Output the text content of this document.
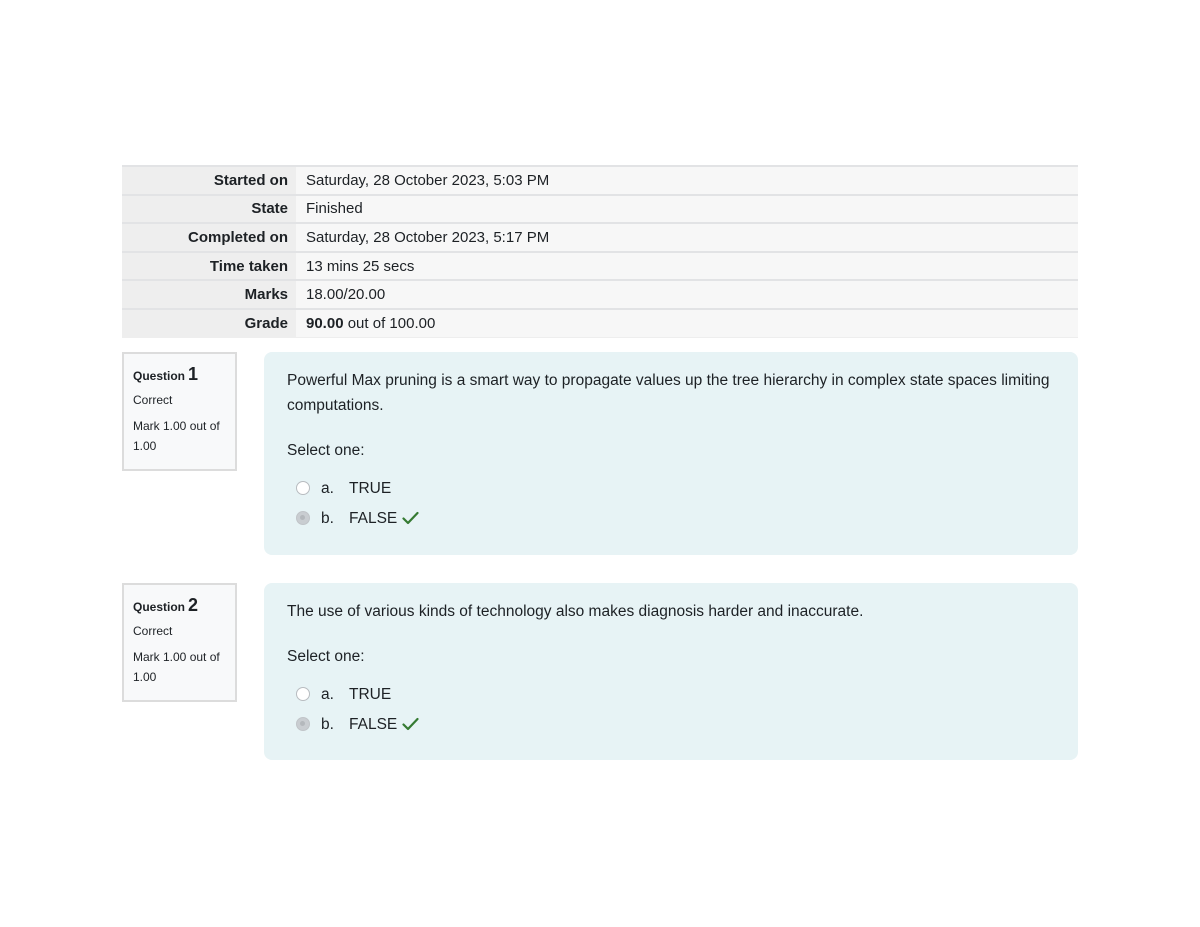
Started on	Saturday, 28 October 2023, 5:03 PM
State	Finished
Completed on	Saturday, 28 October 2023, 5:17 PM
Time taken	13 mins 25 secs
Marks	18.00/20.00
Grade	90.00 out of 100.00
Question 1
Correct
Mark 1.00 out of 1.00

Powerful Max pruning is a smart way to propagate values up the tree hierarchy in complex state spaces limiting computations.

Select one:

a. TRUE
b. FALSE
Question 2
Correct
Mark 1.00 out of 1.00

The use of various kinds of technology also makes diagnosis harder and inaccurate.

Select one:

a. TRUE
b. FALSE
